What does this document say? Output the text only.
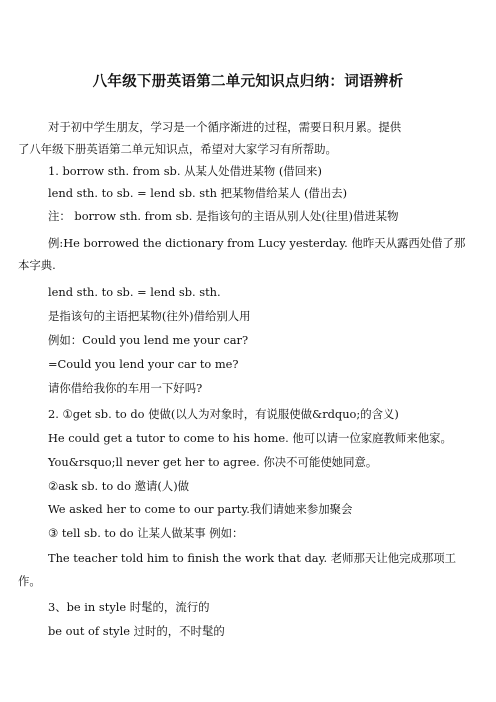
八年级下册英语第二单元知识点归纳：词语辨析
对于初中学生朋友，学习是一个循序渐进的过程，需要日积月累。提供
了八年级下册英语第二单元知识点，希望对大家学习有所帮助。
1. borrow sth. from sb. 从某人处借进某物 (借回来)
lend sth. to sb. = lend sb. sth 把某物借给某人 (借出去)
注： borrow sth. from sb. 是指该句的主语从别人处(往里)借进某物
例:He borrowed the dictionary from Lucy yesterday. 他昨天从露西处借了那
本字典.
lend sth. to sb. = lend sb. sth.
是指该句的主语把某物(往外)借给别人用
例如：Could you lend me your car?
=Could you lend your car to me?
请你借给我你的车用一下好吗?
2. ①get sb. to do 使做(以人为对象时，有说服使做&rdquo;的含义)
He could get a tutor to come to his home. 他可以请一位家庭教师来他家。
You&rsquo;ll never get her to agree. 你决不可能使她同意。
②ask sb. to do 邀请(人)做
We asked her to come to our party.我们请她来参加聚会
③ tell sb. to do 让某人做某事 例如：
The teacher told him to finish the work that day. 老师那天让他完成那项工
作。
3、be in style 时髦的，流行的
be out of style 过时的，不时髦的
